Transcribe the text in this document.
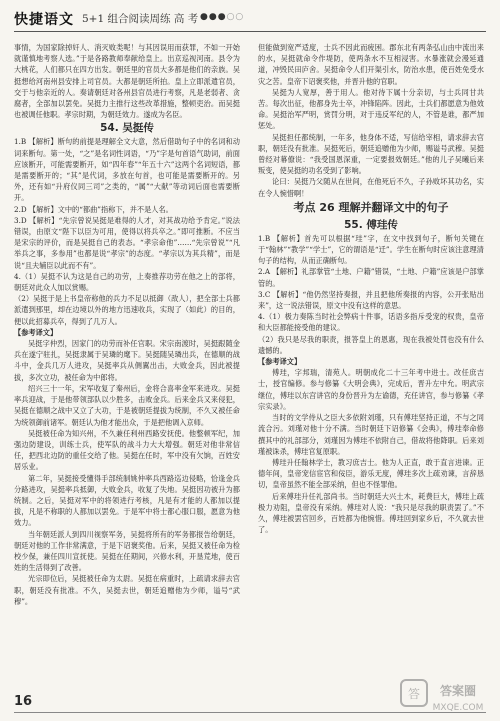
快捷语文 5+1 组合阅读周练 高 考 ●●●○○

事情，为国家除掉奸人、消灭败类呢！与其因误用而获罪，不如一开始就谨慎地考察人选。”于是各路教师奉献给皇上。出京巡视河南。县令为大桃花，人们都只在四方出发。朝廷里的官员大多都是他们的亲族。吴挺想给河南州县安排上司官员。大都是朝廷所拍。皇上立即派遣官员，交于与他亲近的人。奏请朝廷对各州县官员进行考察，凡是老弱者、贪腐者，全部加以罢免。吴挺力主推行这些改革措施，整顿吏治。而吴挺也被调任他职。孝宗时期，为朝廷效力。遂成为名臣。

54. 吴挺传

1.B 【解析】断句的前提是理解全文大意，然后借助句子中的名词和动词来断句。第一处，“之”是名词性词语，“乃”字是句首语气助词，前面应该断开，可能需要断开，如“四年春”“年五十六”这两个名词短语，都是需要断开的；“其”是代词，多放在句首，也可能是需要断开的。另外，还有如“升府仪同三司”之类的，“属”“大献”等动词后面也需要断开。

2.D 【解析】文中的“都曲”指称下，并不是人名。

3.D 【解析】“先宗曾说吴挺是难得的人才，对其战功给予肯定。”说法错误，由原文“陛下以臣为可用，使得以将兵卒之。”即可推断。不应当是宋宗的评价，而是吴挺自己的表态。“孝宗命他”……“先宗曾说”“凡举兵之事，多参用”也都是说“孝宗”的态度。“孝宗以为其兵精”，而是说“且夫辅臣以此而不有”。

4.（1）吴挺不认为这是自己的功劳，上奏推荐功劳在他之上的部将，朝廷对此众人加以赏赐。

（2）吴挺于是上书皇帝称他的兵力不足以抵御（敌人），把全部士兵都派遣到那里，却在边境以外的地方迅速收兵，实现了（如此）的目的，便以此招募兵卒，得到了几万人。

【参考译文】

吴挺字仲烈，因家门的功劳而补任官职。宋宗南渡时，吴挺跟随金兵在遂宁驻扎，吴挺隶属于吴璘的麾下。吴挺随吴璘出兵，在德顺的战斗中，金兵几万人进攻，吴挺率兵从侧翼出击，大败金兵，因此被提拔，多次立功，被任命为中郎将。

绍兴三十一年，宋军收复了秦州后，金将合喜率金军来进攻。吴挺率兵迎战，于是他带领部队以少胜多，击败金兵。后来金兵又来侵犯，吴挺在德顺之战中又立了大功，于是被朝廷提拔为统制，不久又被任命为统领御前诸军。朝廷认为他才能出众，于是把他调入京师。

吴挺被任命为知兴州，不久兼任利州西路安抚使。他整顿军纪，加强边防建设，训练士兵，使军队的战斗力大大增强。朝廷对他非常信任，把西北边防的重任交给了他。吴挺在任时，军中没有欠饷，百姓安居乐业。

第二年，吴挺接受懂得手部统制姚仲率兵西路巡边侵略，恰逢金兵分路进攻，吴挺率兵抵御，大败金兵，收复了失地。吴挺因功被升为都统制。之后，吴挺对军中的将领进行考核，凡是有才能的人都加以提拔，凡是不称职的人都加以罢免。于是军中将士都心服口服，愿意为他效力。

当年朝廷派人到四川视察军务，吴挺将所有的军务都报告给朝廷，朝廷对他的工作非常满意，于是下诏褒奖他。后来，吴挺又被任命为检校少保，兼任四川宣抚使。吴挺在任期间，兴修水利，开垦荒地，使百姓的生活得到了改善。

光宗即位后，吴挺被任命为太尉。吴挺在病重时，上疏请求辞去官职，朝廷没有批准。不久，吴挺去世，朝廷追赠他为少师，谥号“武穆”。

但能做到宽严适度，士兵不因此而疲困。郡东北有两条弘山由中流出来的水，吴挺就命令作堤防，使两条水不互相浸害。水暴涨就会漫延通道，冲毁民田庐舍。吴挺命令人们开渠引水，防治水患，使百姓免受水灾之苦。皇帝下诏褒奖他，并晋升他的官职。

吴挺为人宽厚，善于用人。他对待下属十分亲切，与士兵同甘共苦。每次出征，他都身先士卒，冲锋陷阵。因此，士兵们都愿意为他效命。吴挺治军严明，赏罚分明，对于违反军纪的人，不管是谁，都严加惩处。

吴挺担任都统制，一年多，他身体不适，写信给宰相，请求辞去官职，朝廷没有批准。吴挺死后，朝廷追赠他为少师，赐谥号武穆。吴挺曾经对幕僚说：“我受国恩深重，一定要报效朝廷。”他的儿子吴曦后来叛变，使吴挺的功名受到了影响。

论曰：吴挺乃父随从在世间，在他死后不久，子孙败坏其功名，实在令人惋惜啊！

考点 26 理解并翻译文中的句子

55. 傅珪传

1.B 【解析】首先可以根据“珪”字，在文中找到句子，断句关键在于“翰林”“教学”“学士”，它的谓语是“迁”。学生在断句时应该注意理清句子的结构，从而正确断句。

2.A 【解析】礼部掌管“土地、户籍”错误，“土地、户籍”应该是户部掌管的。

3.C 【解析】“他仍然坚持奏报，并且把他所奏报的内容，公开张贴出来”，这一说法错误，原文中没有这样的意思。

4.（1）极力奏陈当时社会弊病十件事，话语多指斥受宠的权贵，皇帝和大臣都能接受他的建议。

（2）我只是尽我的职责，报答皇上的恩惠，现在我被处罚也没有什么遗憾的。

【参考译文】

傅珪，字邦瑞，清苑人。明朝成化二十三年考中进士。改任庶吉士，授官编修。参与修纂《大明会典》，完成后，晋升左中允。明武宗继位，傅珪以东宫讲官的身份晋升为左谕德，充任讲官，参与修纂《孝宗实录》。

当时的文学侍从之臣大多依附刘瑾，只有傅珪坚持正道，不与之同流合污。刘瑾对他十分不满。当时朝廷下诏修纂《会典》，傅珪奉命修撰其中的礼部部分，刘瑾因为傅珪不依附自己，借故将他降职。后来刘瑾被诛杀，傅珪官复原职。

傅珪升任翰林学士，教习庶吉士。他为人正直，敢于直言进谏。正德年间，皇帝宠信宦官和佞臣，游乐无度，傅珪多次上疏劝谏，言辞恳切，皇帝虽然不能全部采纳，但也不怪罪他。

后来傅珪升任礼部尚书。当时朝廷大兴土木，耗费巨大，傅珪上疏极力劝阻，皇帝没有采纳。傅珪对人说：“我只是尽我的职责罢了。”不久，傅珪被罢官回乡，百姓都为他惋惜。傅珪回到家乡后，不久就去世了。

16	答 答案圈
MXQE.COM
